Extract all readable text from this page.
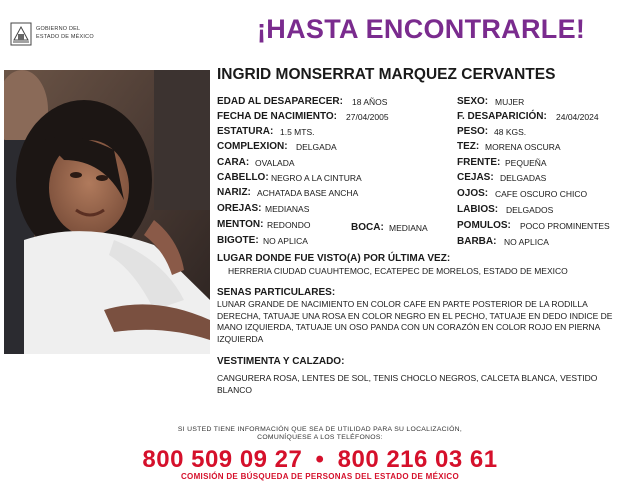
GOBIERNO DEL
ESTADO DE MÉXICO	¡HASTA ENCONTRARLE!
INGRID MONSERRAT MARQUEZ CERVANTES
EDAD AL DESAPARECER: 18 AÑOS
FECHA DE NACIMIENTO: 27/04/2005
ESTATURA: 1.5 MTS.
COMPLEXION: DELGADA
CARA: OVALADA
CABELLO: NEGRO A LA CINTURA
NARIZ: ACHATADA BASE ANCHA
OREJAS: MEDIANAS
MENTON: REDONDO	BOCA: MEDIANA
BIGOTE: NO APLICA
SEXO: MUJER
F. DESAPARICIÓN: 24/04/2024
PESO: 48 KGS.
TEZ: MORENA OSCURA
FRENTE: PEQUEÑA
CEJAS: DELGADAS
OJOS: CAFE OSCURO CHICO
LABIOS: DELGADOS
POMULOS: POCO PROMINENTES
BARBA: NO APLICA
LUGAR DONDE FUE VISTO(A) POR ÚLTIMA VEZ:
HERRERIA CIUDAD CUAUHTEMOC, ECATEPEC DE MORELOS, ESTADO DE MEXICO
SENAS PARTICULARES:
LUNAR GRANDE DE NACIMIENTO EN COLOR CAFE EN PARTE POSTERIOR DE LA RODILLA DERECHA, TATUAJE UNA ROSA EN COLOR NEGRO EN EL PECHO, TATUAJE EN DEDO INDICE DE MANO IZQUIERDA, TATUAJE UN OSO PANDA CON UN CORAZÓN EN COLOR ROJO EN PIERNA IZQUIERDA
VESTIMENTA Y CALZADO:
CANGURERA ROSA, LENTES DE SOL, TENIS CHOCLO NEGROS, CALCETA BLANCA, VESTIDO BLANCO
SI USTED TIENE INFORMACIÓN QUE SEA DE UTILIDAD PARA SU LOCALIZACIÓN,
COMUNÍQUESE A LOS TELÉFONOS:
800 509 09 27 • 800 216 03 61
COMISIÓN DE BÚSQUEDA DE PERSONAS DEL ESTADO DE MÉXICO
